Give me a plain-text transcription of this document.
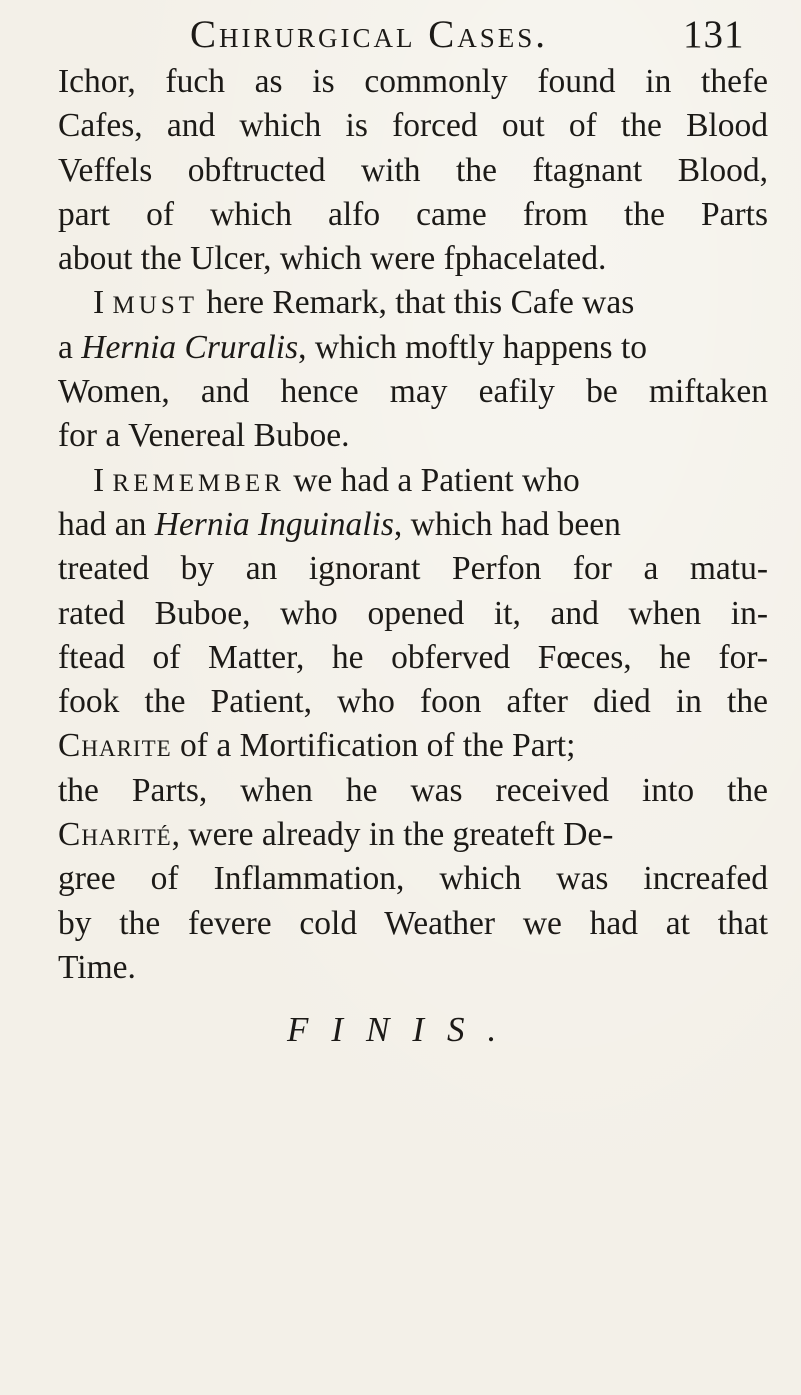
Chirurgical Cases.	131
Ichor, fuch as is commonly found in thefe
Cafes, and which is forced out of the Blood
Veffels obftructed with the ftagnant Blood,
part of which alfo came from the Parts
about the Ulcer, which were fphacelated.
I MUST here Remark, that this Cafe was
a Hernia Cruralis, which moftly happens to
Women, and hence may eafily be miftaken
for a Venereal Buboe.
I REMEMBER we had a Patient who
had an Hernia Inguinalis, which had been
treated by an ignorant Perfon for a matu-
rated Buboe, who opened it, and when in-
ftead of Matter, he obferved Fœces, he for-
fook the Patient, who foon after died in the
Charite of a Mortification of the Part;
the Parts, when he was received into the
Charité, were already in the greateft De-
gree of Inflammation, which was increafed
by the fevere cold Weather we had at that
Time.
FINIS.
